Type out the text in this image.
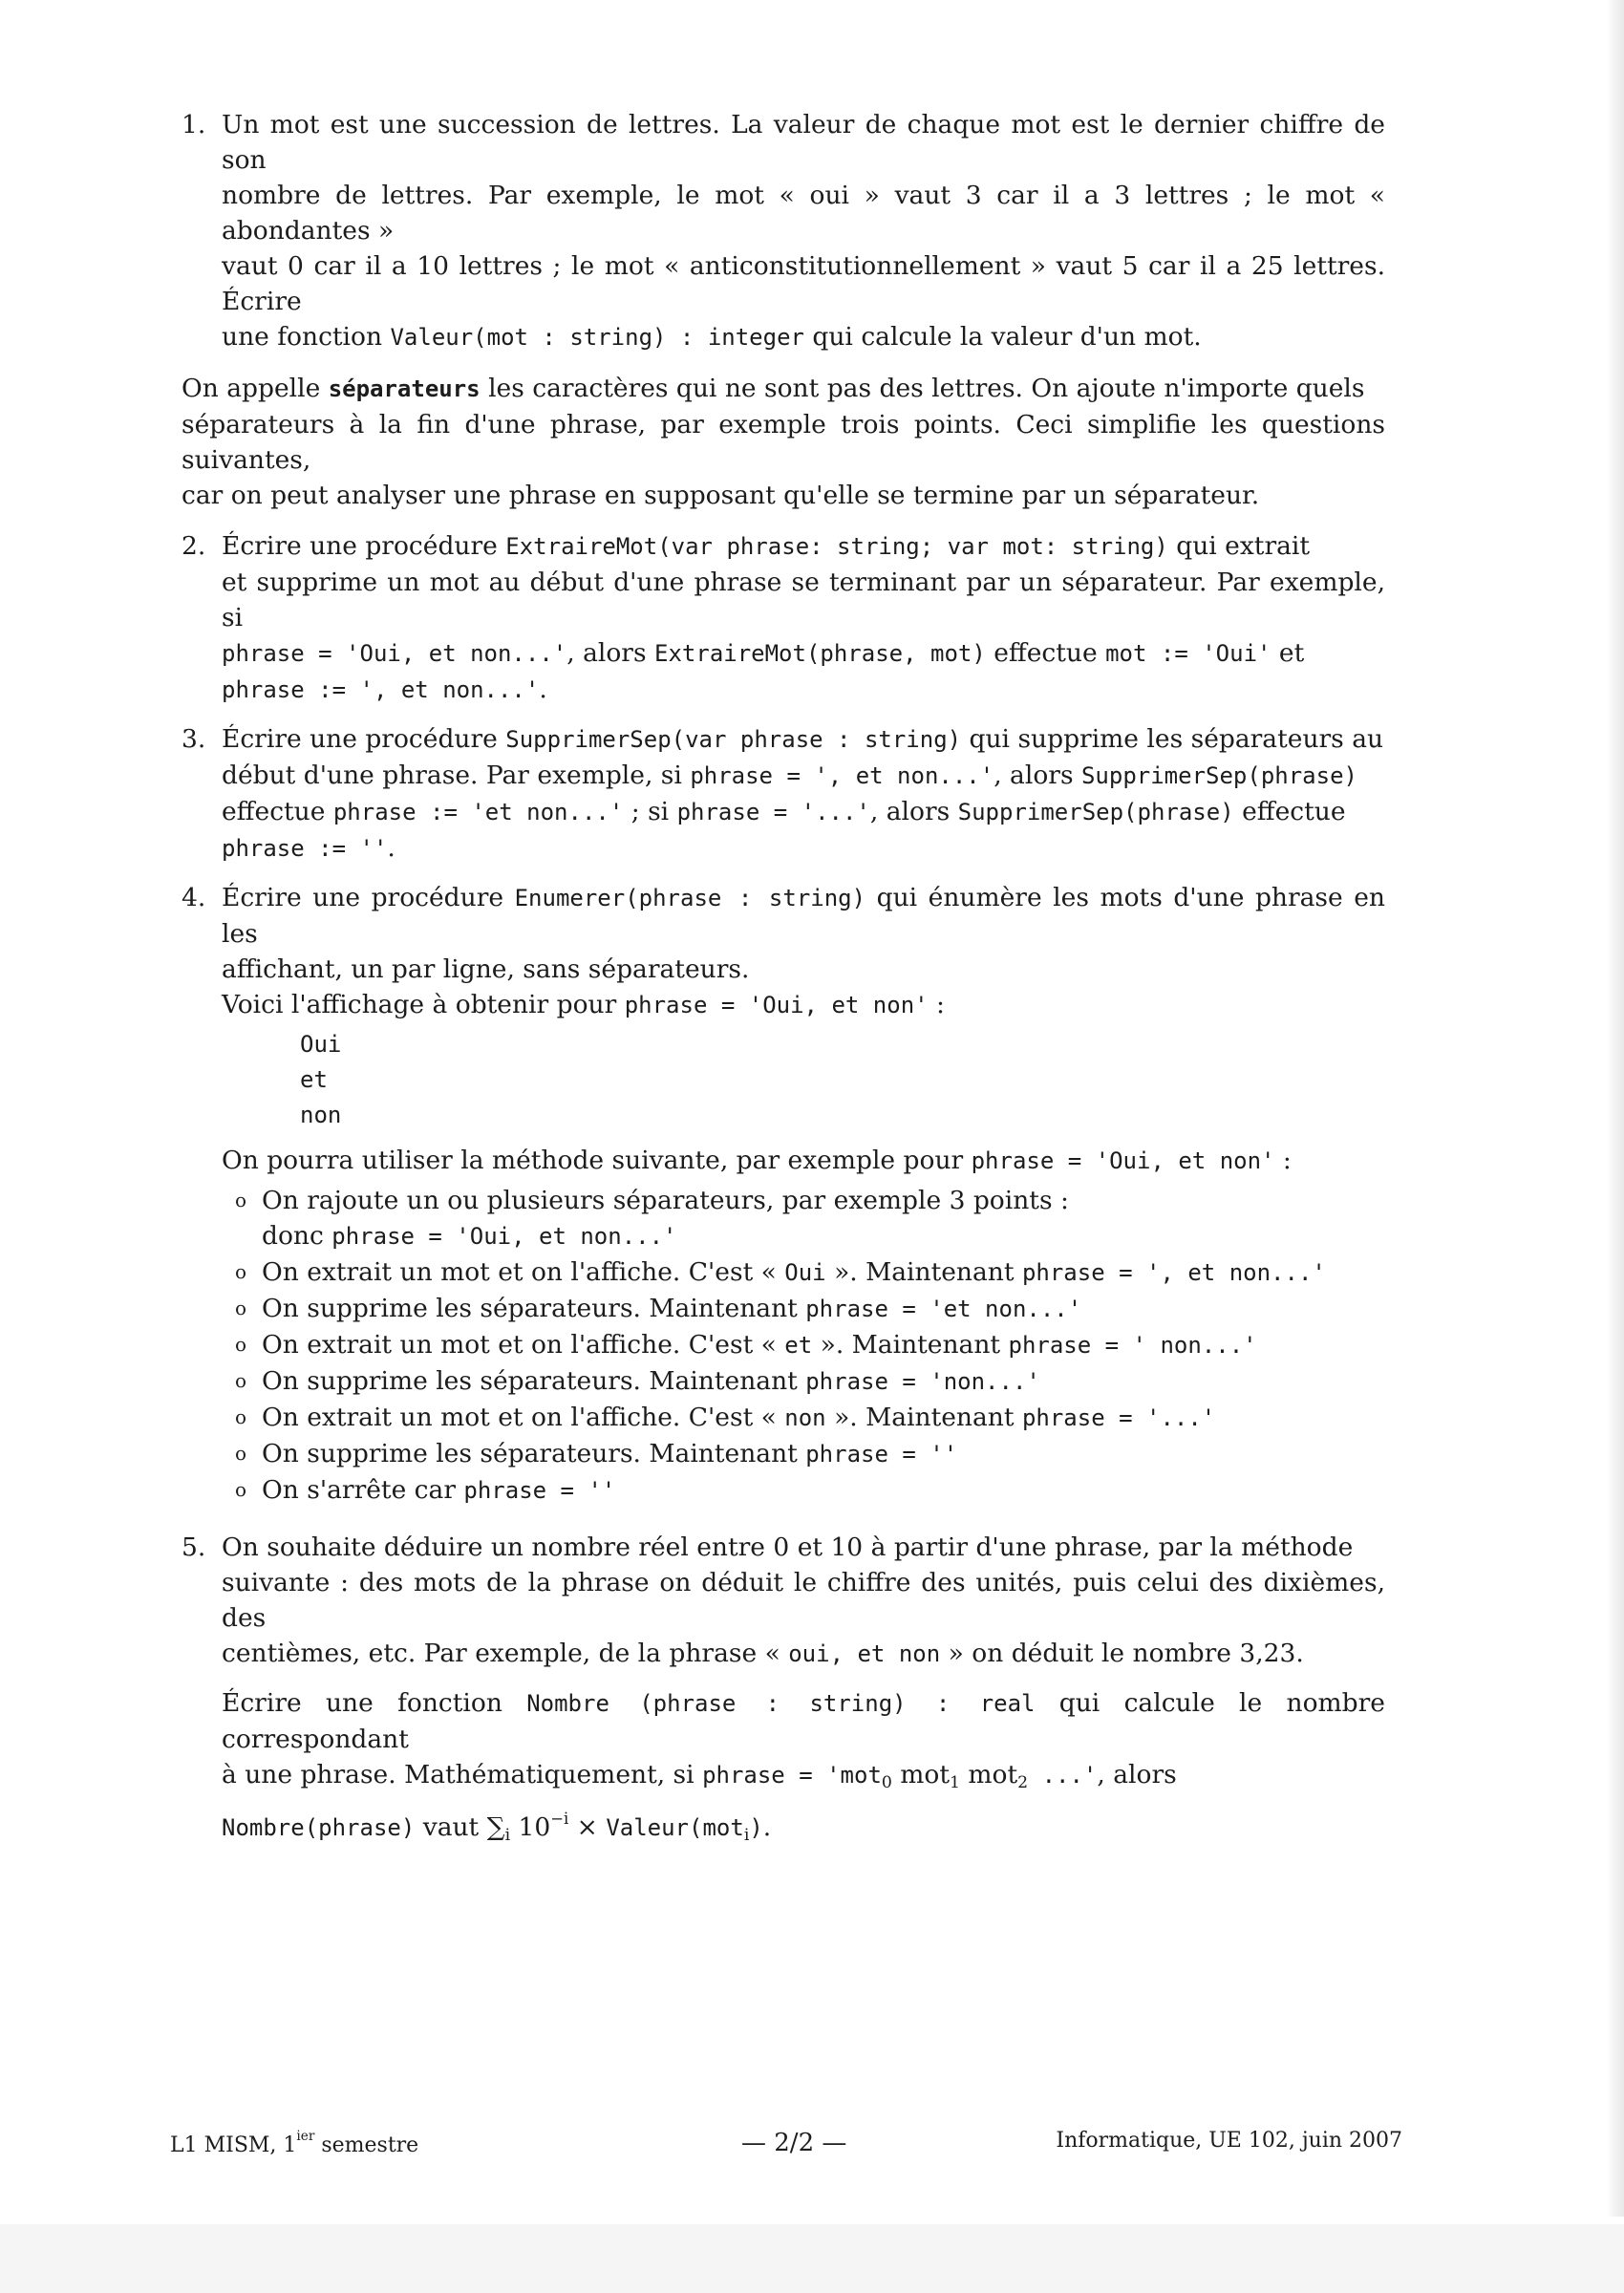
1. Un mot est une succession de lettres. La valeur de chaque mot est le dernier chiffre de son
nombre de lettres. Par exemple, le mot « oui » vaut 3 car il a 3 lettres ; le mot « abondantes »
vaut 0 car il a 10 lettres ; le mot « anticonstitutionnellement » vaut 5 car il a 25 lettres. Écrire
une fonction Valeur(mot : string) : integer qui calcule la valeur d'un mot.
On appelle séparateurs les caractères qui ne sont pas des lettres. On ajoute n'importe quels
séparateurs à la fin d'une phrase, par exemple trois points. Ceci simplifie les questions suivantes,
car on peut analyser une phrase en supposant qu'elle se termine par un séparateur.
2. Écrire une procédure ExtraireMot(var phrase: string; var mot: string) qui extrait
et supprime un mot au début d'une phrase se terminant par un séparateur. Par exemple, si
phrase = 'Oui, et non...', alors ExtraireMot(phrase, mot) effectue mot := 'Oui' et
phrase := ', et non...'.
3. Écrire une procédure SupprimerSep(var phrase : string) qui supprime les séparateurs au
début d'une phrase. Par exemple, si phrase = ', et non...', alors SupprimerSep(phrase)
effectue phrase := 'et non...' ; si phrase = '...', alors SupprimerSep(phrase) effectue
phrase := ''.
4. Écrire une procédure Enumerer(phrase : string) qui énumère les mots d'une phrase en les
affichant, un par ligne, sans séparateurs.
Voici l'affichage à obtenir pour phrase = 'Oui, et non' :
Oui
et
non
On pourra utiliser la méthode suivante, par exemple pour phrase = 'Oui, et non' :
o On rajoute un ou plusieurs séparateurs, par exemple 3 points :
donc phrase = 'Oui, et non...'
o On extrait un mot et on l'affiche. C'est « Oui ». Maintenant phrase = ', et non...'
o On supprime les séparateurs. Maintenant phrase = 'et non...'
o On extrait un mot et on l'affiche. C'est « et ». Maintenant phrase = ' non...'
o On supprime les séparateurs. Maintenant phrase = 'non...'
o On extrait un mot et on l'affiche. C'est « non ». Maintenant phrase = '...'
o On supprime les séparateurs. Maintenant phrase = ''
o On s'arrête car phrase = ''
5. On souhaite déduire un nombre réel entre 0 et 10 à partir d'une phrase, par la méthode
suivante : des mots de la phrase on déduit le chiffre des unités, puis celui des dixièmes, des
centièmes, etc. Par exemple, de la phrase « oui, et non » on déduit le nombre 3,23.
Écrire une fonction Nombre (phrase : string) : real qui calcule le nombre correspondant
à une phrase. Mathématiquement, si phrase = 'mot$_0$ mot$_1$ mot$_2$ ...', alors
Nombre(phrase) vaut $\sum_i$ $10^{-i}$ × Valeur(mot$_i$).
L1 MISM, $1^{ier}$ semestre	— 2/2 —	Informatique, UE 102, juin 2007
